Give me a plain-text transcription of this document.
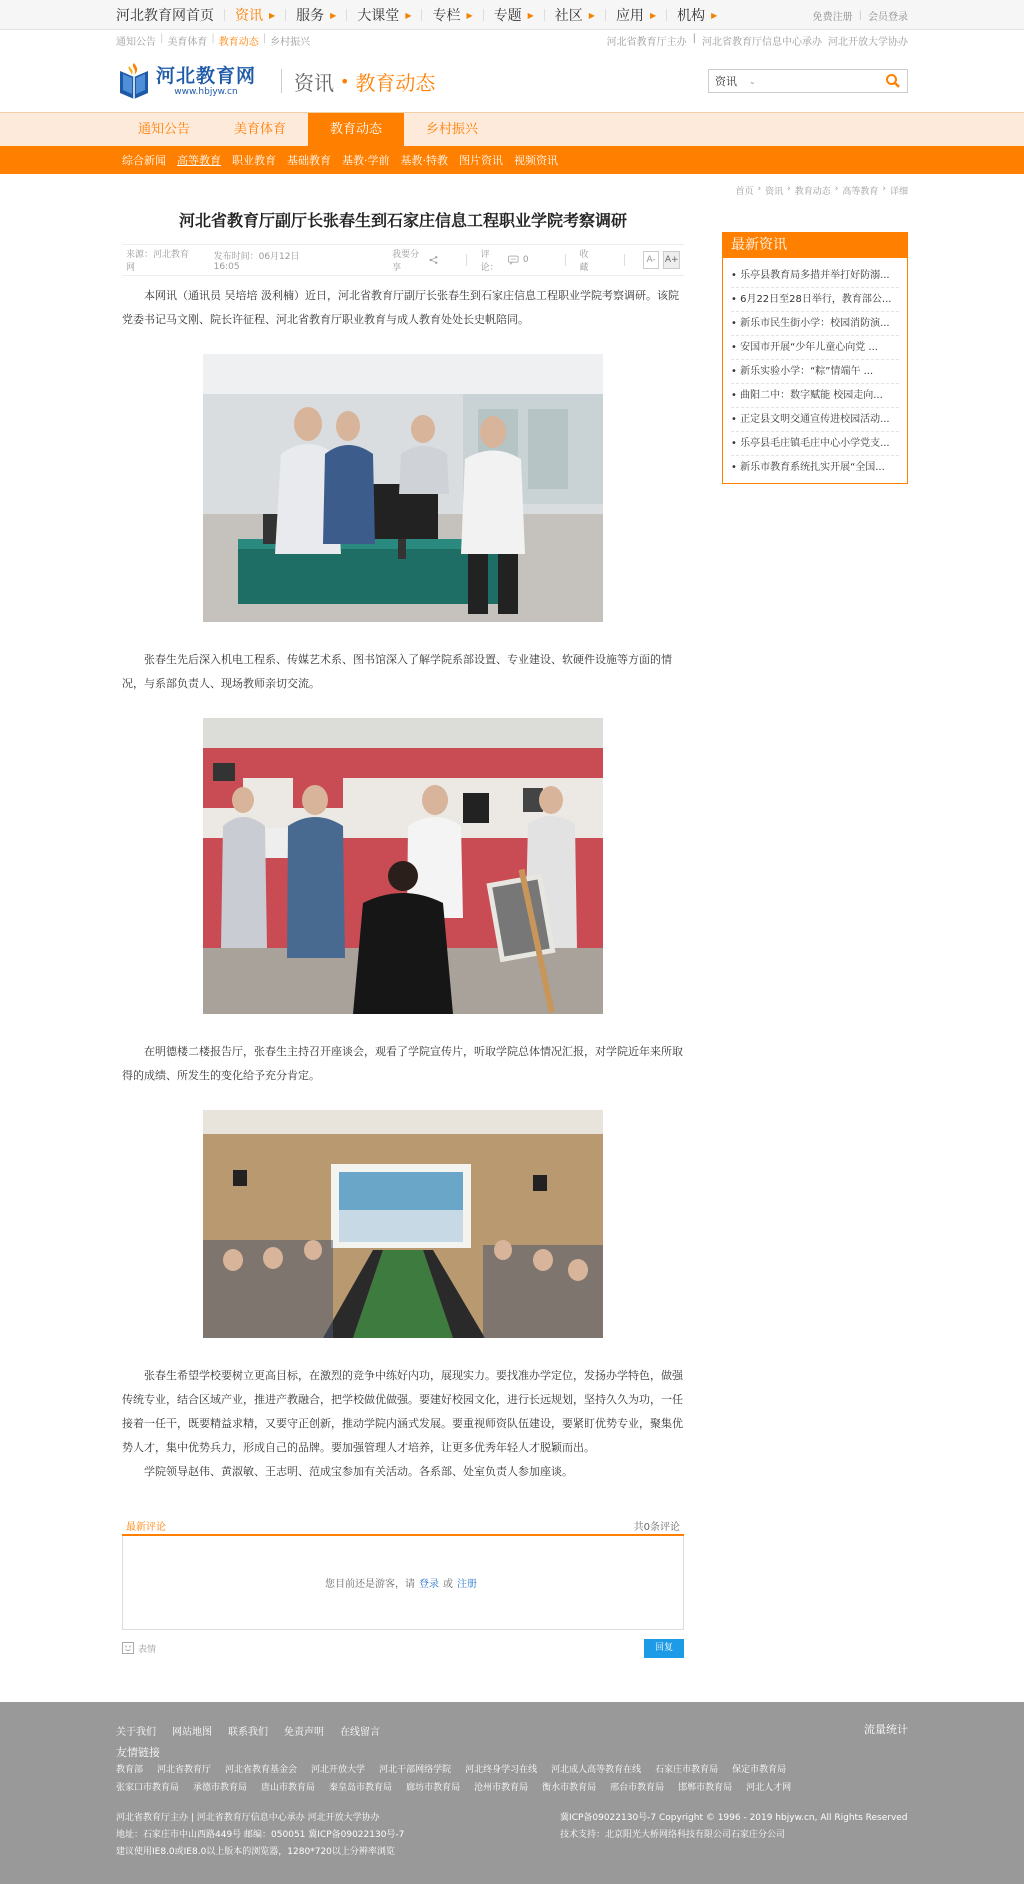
河北教育网首页 资讯 ▶ 服务 ▶ 大课堂 ▶ 专栏 ▶ 专题 ▶ 社区 ▶ 应用 ▶ 机构 ▶	免费注册 | 会员登录
通知公告 | 美育体育 | 教育动态 | 乡村振兴	河北省教育厅主办 | 河北省教育厅信息中心承办 河北开放大学协办
河北教育网
www.hbjyw.cn	资讯 • 教育动态	资讯 ⌄
通知公告	美育体育	教育动态	乡村振兴
综合新闻 高等教育 职业教育 基础教育 基教·学前 基教·特教 图片资讯 视频资讯
首页 › 资讯 › 教育动态 › 高等教育 › 详细
河北省教育厅副厅长张春生到石家庄信息工程职业学院考察调研
来源：河北教育网
发布时间：06月12日 16:05
我要分享
评论：
0	收藏
A-	A+

本网讯（通讯员 吴培培 汲利楠）近日，河北省教育厅副厅长张春生到石家庄信息工程职业学院考察调研。该院党委书记马文刚、院长许征程、河北省教育厅职业教育与成人教育处处长史帆陪同。

张春生先后深入机电工程系、传媒艺术系、图书馆深入了解学院系部设置、专业建设、软硬件设施等方面的情况，与系部负责人、现场教师亲切交流。

在明德楼二楼报告厅，张春生主持召开座谈会，观看了学院宣传片，听取学院总体情况汇报，对学院近年来所取得的成绩、所发生的变化给予充分肯定。

张春生希望学校要树立更高目标，在激烈的竞争中练好内功，展现实力。要找准办学定位，发扬办学特色，做强传统专业，结合区域产业，推进产教融合，把学校做优做强。要建好校园文化，进行长远规划，坚持久久为功，一任接着一任干，既要精益求精，又要守正创新，推动学院内涵式发展。要重视师资队伍建设，要紧盯优势专业，聚集优势人才，集中优势兵力，形成自己的品牌。要加强管理人才培养，让更多优秀年轻人才脱颖而出。

学院领导赵伟、黄淑敏、王志明、范成宝参加有关活动。各系部、处室负责人参加座谈。

最新资讯
• 乐亭县教育局多措并举打好防溺...
• 6月22日至28日举行，教育部公...
• 新乐市民生街小学：校园消防演...
• 安国市开展“少年儿童心向党 ...
• 新乐实验小学：“粽”情端午 ...
• 曲阳二中：数字赋能 校园走向...
• 正定县文明交通宣传进校园活动...
• 乐亭县毛庄镇毛庄中心小学党支...
• 新乐市教育系统扎实开展“全国...
最新评论	共0条评论
您目前还是游客，请 登录 或 注册
表情	回复
关于我们 网站地图 联系我们 免责声明 在线留言	流量统计
友情链接
教育部 河北省教育厅 河北省教育基金会 河北开放大学 河北干部网络学院 河北终身学习在线 河北成人高等教育在线 石家庄市教育局 保定市教育局
张家口市教育局 承德市教育局 唐山市教育局 秦皇岛市教育局 廊坊市教育局 沧州市教育局 衡水市教育局 邢台市教育局 邯郸市教育局 河北人才网
河北省教育厅主办 | 河北省教育厅信息中心承办 河北开放大学协办
地址：石家庄市中山西路449号 邮编：050051 冀ICP备09022130号-7
建议使用IE8.0或IE8.0以上版本的浏览器，1280*720以上分辨率浏览
冀ICP备09022130号-7 Copyright © 1996 - 2019 hbjyw.cn, All Rights Reserved
技术支持：北京阳光大桥网络科技有限公司石家庄分公司
